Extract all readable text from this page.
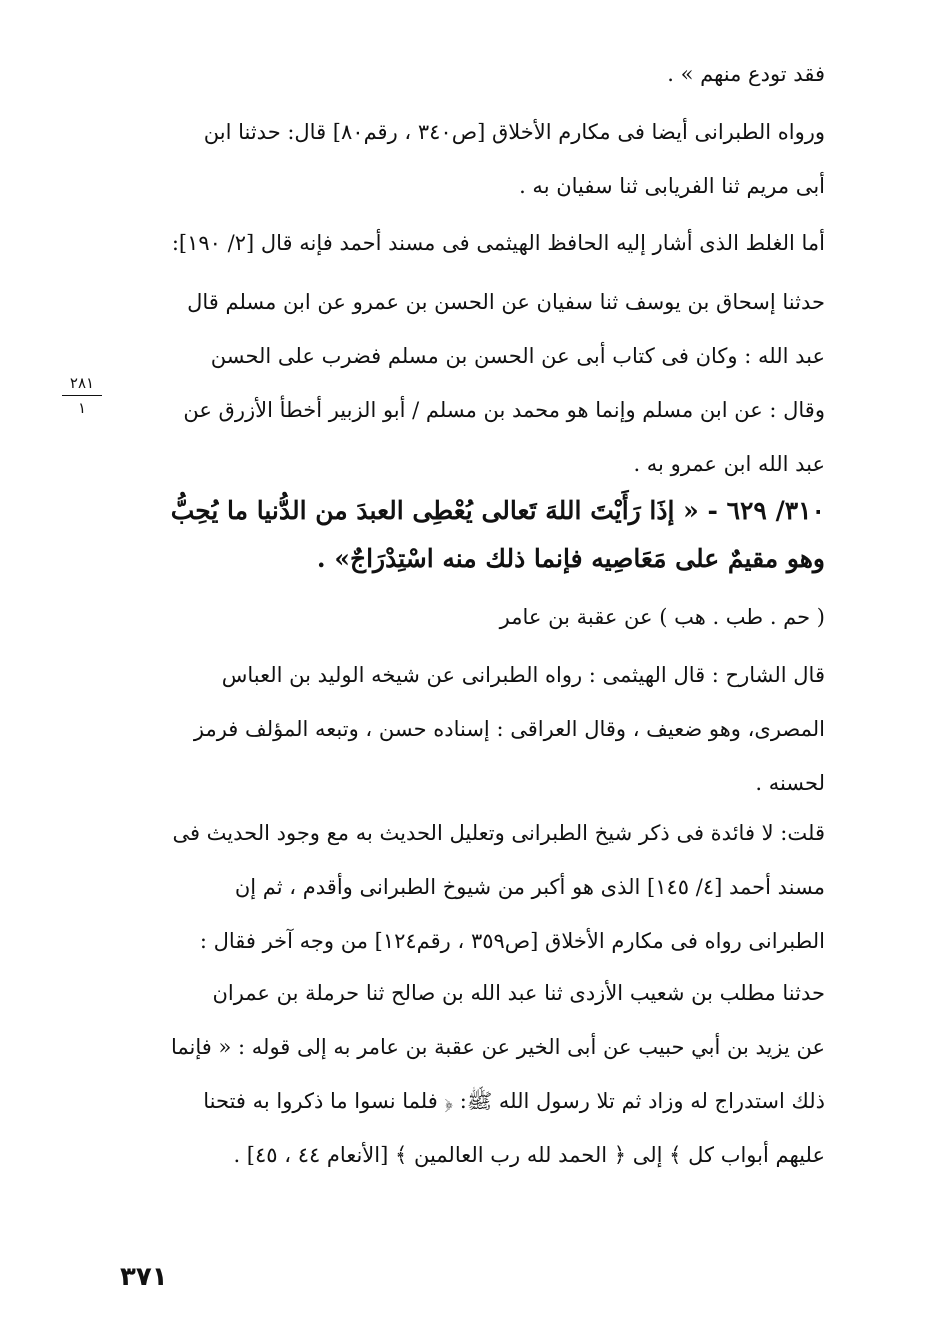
فقد تودع منهم » .
ورواه الطبرانى أيضا فى مكارم الأخلاق [ص٣٤٠ ، رقم٨٠] قال: حدثنا ابن
أبى مريم ثنا الفريابى ثنا سفيان به .
أما الغلط الذى أشار إليه الحافظ الهيثمى فى مسند أحمد فإنه قال [٢/ ١٩٠]:
حدثنا إسحاق بن يوسف ثنا سفيان عن الحسن بن عمرو عن ابن مسلم قال
عبد الله : وكان فى كتاب أبى عن الحسن بن مسلم فضرب على الحسن
وقال : عن ابن مسلم وإنما هو محمد بن مسلم / أبو الزبير أخطأ الأزرق عن
عبد الله ابن عمرو به .
٣١٠/ ٦٢٩ - « إذَا رَأَيْتَ اللهَ تَعالى يُعْطِى العبدَ من الدُّنيا ما يُحِبُّ
وهو مقيمٌ على مَعَاصِيه فإنما ذلك منه اسْتِدْرَاجٌ» .
( حم . طب . هب ) عن عقبة بن عامر
قال الشارح : قال الهيثمى : رواه الطبرانى عن شيخه الوليد بن العباس
المصرى، وهو ضعيف ، وقال العراقى : إسناده حسن ، وتبعه المؤلف فرمز
لحسنه .
قلت: لا فائدة فى ذكر شيخ الطبرانى وتعليل الحديث به مع وجود الحديث فى
مسند أحمد [٤/ ١٤٥] الذى هو أكبر من شيوخ الطبرانى وأقدم ، ثم إن
الطبرانى رواه فى مكارم الأخلاق [ص٣٥٩ ، رقم١٢٤] من وجه آخر فقال :
حدثنا مطلب بن شعيب الأزدى ثنا عبد الله بن صالح ثنا حرملة بن عمران
عن يزيد بن أبي حبيب عن أبى الخير عن عقبة بن عامر به إلى قوله : « فإنما
ذلك استدراج له وزاد ثم تلا رسول الله ﷺ: ﴿ فلما نسوا ما ذكروا به فتحنا
عليهم أبواب كل ﴾ إلى ﴿ الحمد لله رب العالمين ﴾ [الأنعام ٤٤ ، ٤٥] .
٢٨١
١
٣٧١
